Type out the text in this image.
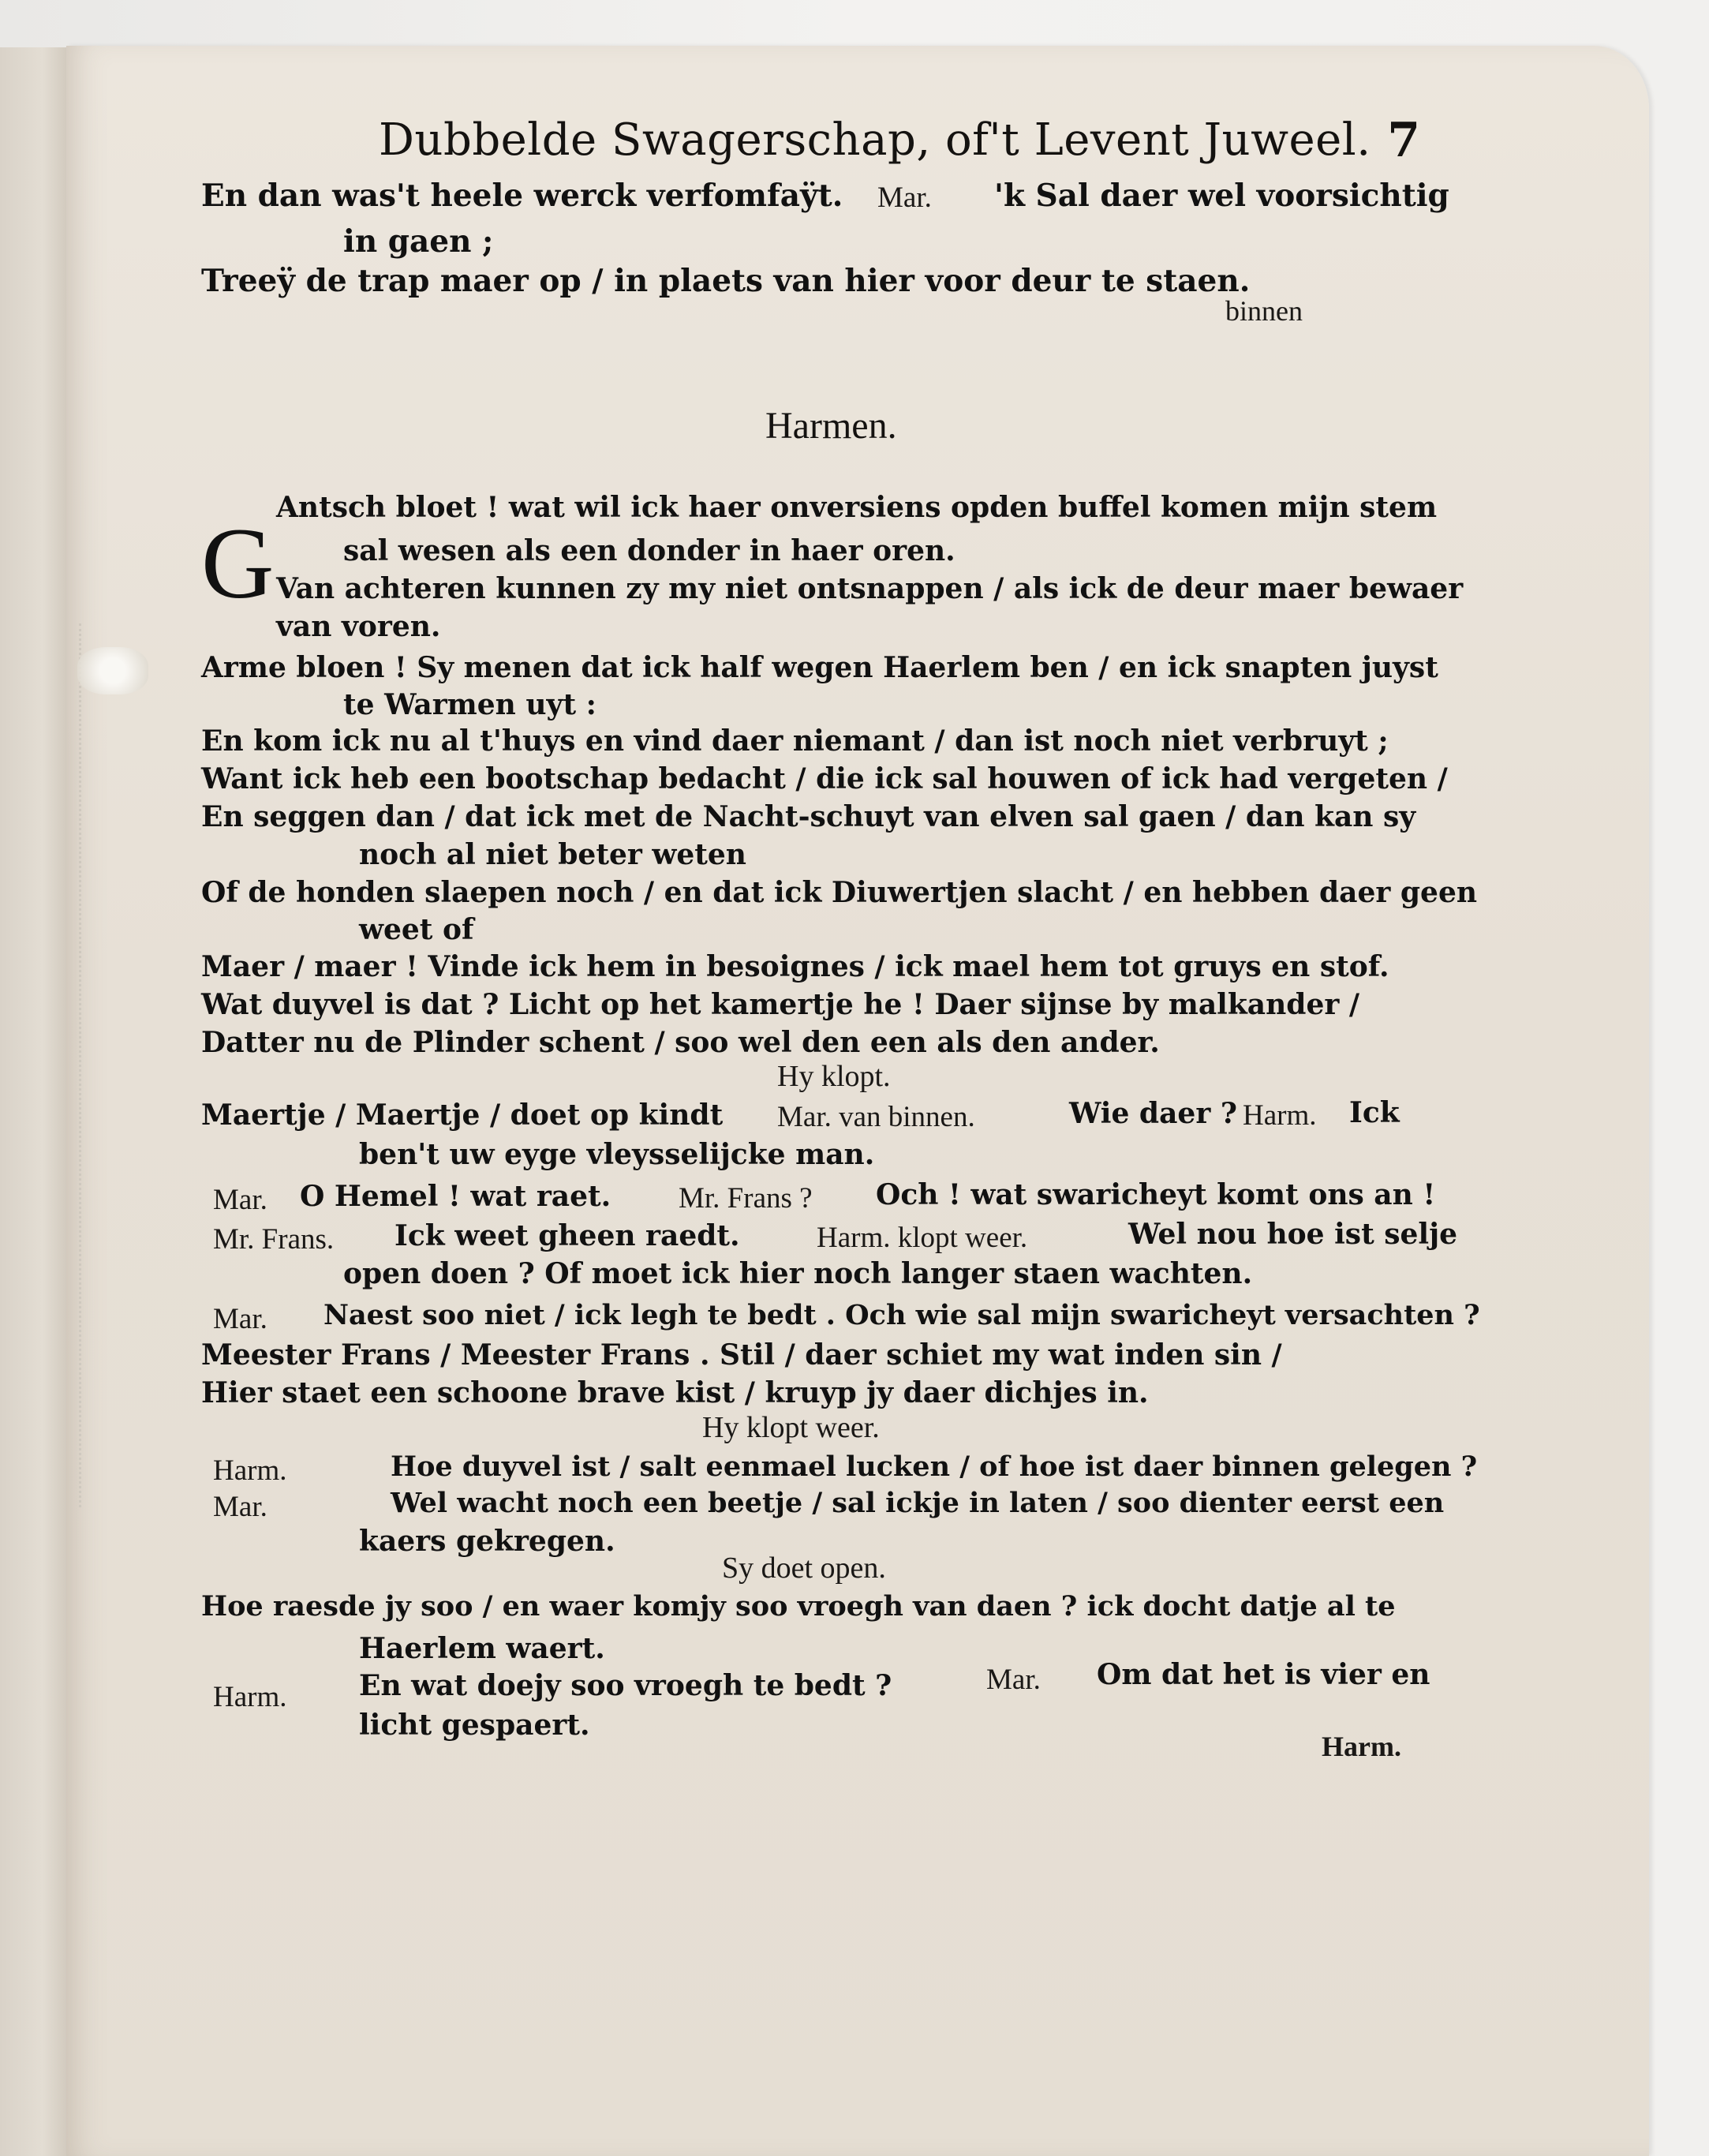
Dubbelde Swagerschap, of't Levent Juweel. 7
En dan was't heele werck verfomfaÿt. Mar. 'k Sal daer wel voorsichtig
in gaen ;
Treeÿ de trap maer op / in plaets van hier voor deur te staen.
binnen
Harmen.
G Antsch bloet ! wat wil ick haer onversiens opden buffel komen mijn stem
sal wesen als een donder in haer oren.
Van achteren kunnen zy my niet ontsnappen / als ick de deur maer bewaer
van voren.
Arme bloen ! Sy menen dat ick half wegen Haerlem ben / en ick snapten juyst
te Warmen uyt :
En kom ick nu al t'huys en vind daer niemant / dan ist noch niet verbruyt ;
Want ick heb een bootschap bedacht / die ick sal houwen of ick had vergeten /
En seggen dan / dat ick met de Nacht-schuyt van elven sal gaen / dan kan sy
noch al niet beter weten
Of de honden slaepen noch / en dat ick Diuwertjen slacht / en hebben daer geen
weet of
Maer / maer ! Vinde ick hem in besoignes / ick mael hem tot gruys en stof.
Wat duyvel is dat ? Licht op het kamertje he ! Daer sijnse by malkander /
Datter nu de Plinder schent / soo wel den een als den ander.
Hy klopt.
Maertje / Maertje / doet op kindt Mar. van binnen.	Wie daer ? Harm. Ick
ben't uw eyge vleysselijcke man.
Mar. O Hemel ! wat raet. Mr. Frans ? Och ! wat swaricheyt komt ons an !
Mr. Frans. Ick weet gheen raedt.	Harm. klopt weer.	Wel nou hoe ist selje
open doen ? Of moet ick hier noch langer staen wachten.
Mar. Naest soo niet / ick legh te bedt . Och wie sal mijn swaricheyt versachten ?
Meester Frans / Meester Frans . Stil / daer schiet my wat inden sin /
Hier staet een schoone brave kist / kruyp jy daer dichjes in.
Hy klopt weer.
Harm.	Hoe duyvel ist / salt eenmael lucken / of hoe ist daer binnen gelegen ?
Mar.	Wel wacht noch een beetje / sal ickje in laten / soo dienter eerst een
kaers gekregen.
Sy doet open.
Hoe raesde jy soo / en waer komjy soo vroegh van daen ? ick docht datje al te
Haerlem waert.
Harm.	En wat doejy soo vroegh te bedt ?	Mar. Om dat het is vier en
licht gespaert.
Harm.
